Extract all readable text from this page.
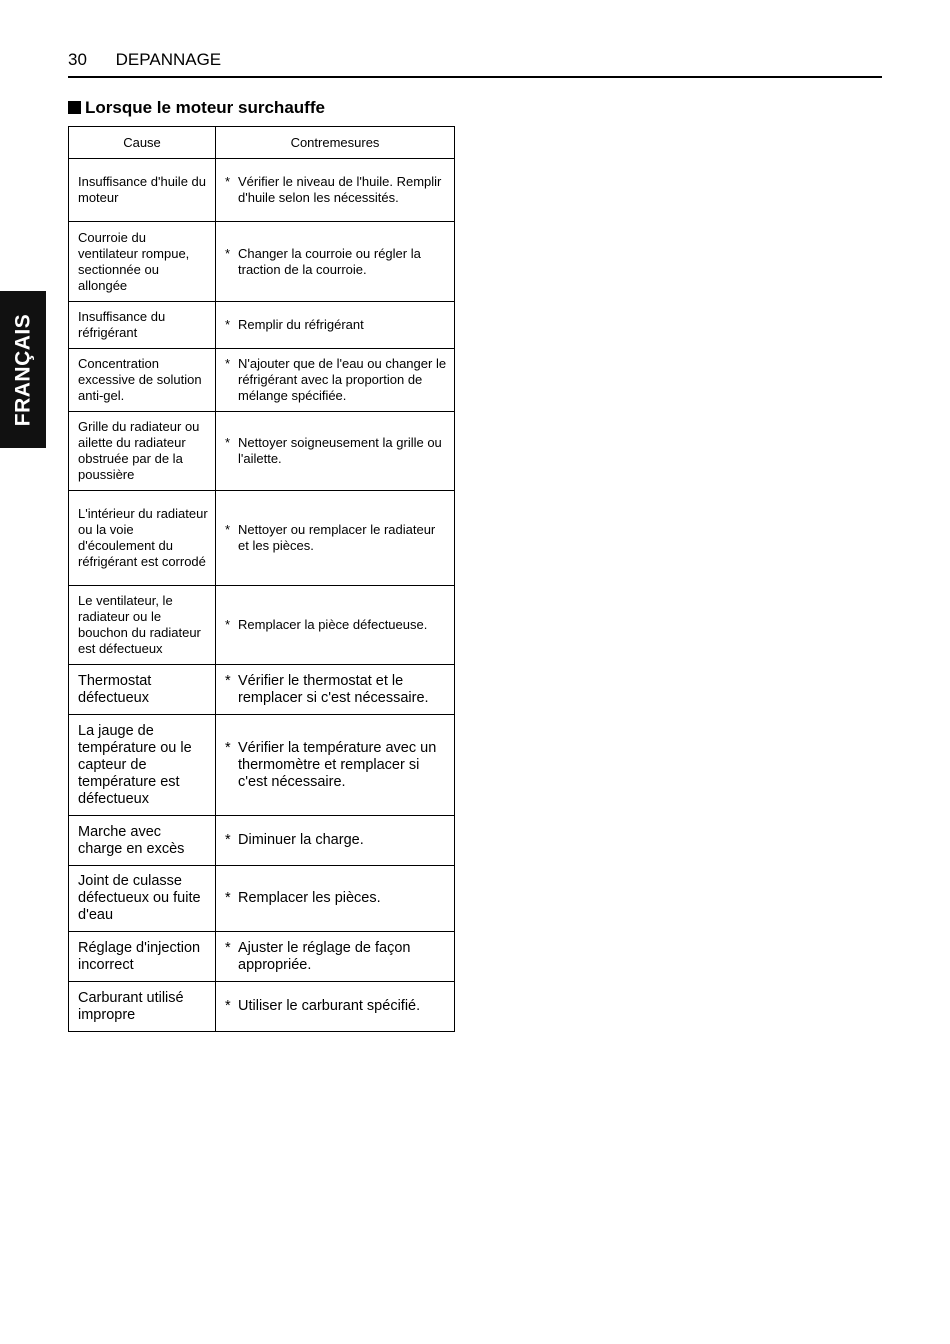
30 DEPANNAGE
FRANÇAIS
Lorsque le moteur surchauffe
Cause	Contremesures
Insuffisance d'huile du moteur	* Vérifier le niveau de l'huile. Remplir d'huile selon les nécessités.

Courroie du ventilateur rompue, sectionnée ou allongée	* Changer la courroie ou régler la traction de la courroie.

Insuffisance du réfrigérant	* Remplir du réfrigérant

Concentration excessive de solution anti-gel.	* N'ajouter que de l'eau ou changer le réfrigérant avec la proportion de mélange spécifiée.

Grille du radiateur ou ailette du radiateur obstruée par de la poussière	* Nettoyer soigneusement la grille ou l'ailette.

L'intérieur du radiateur ou la voie d'écoulement du réfrigérant est corrodé	* Nettoyer ou remplacer le radiateur et les pièces.

Le ventilateur, le radiateur ou le bouchon du radiateur est défectueux	* Remplacer la pièce défectueuse.

Thermostat défectueux	* Vérifier le thermostat et le remplacer si c'est nécessaire.

La jauge de température ou le capteur de température est défectueux	* Vérifier la température avec un thermomètre et remplacer si c'est nécessaire.

Marche avec charge en excès	* Diminuer la charge.

Joint de culasse défectueux ou fuite d'eau	* Remplacer les pièces.

Réglage d'injection incorrect	* Ajuster le réglage de façon appropriée.

Carburant utilisé impropre	* Utiliser le carburant spécifié.
